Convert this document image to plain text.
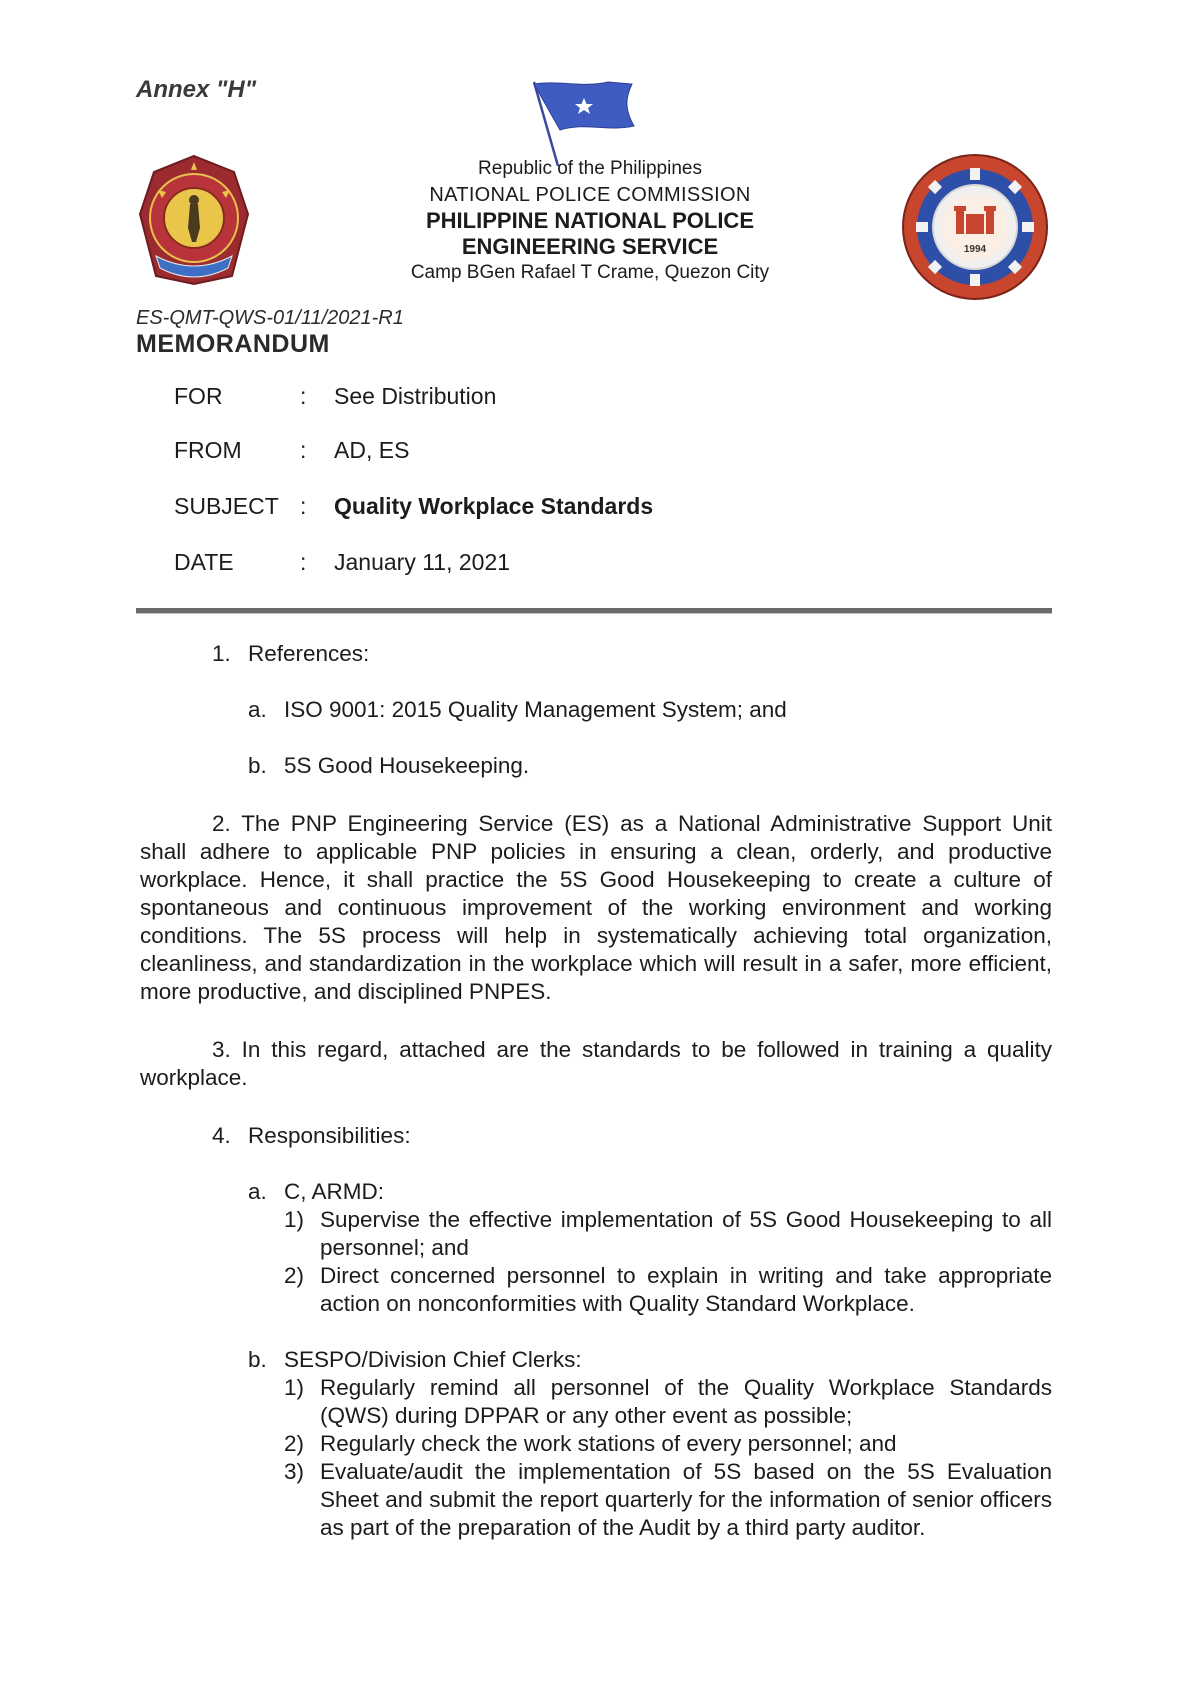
Annex "H"
Republic of the Philippines
NATIONAL POLICE COMMISSION
PHILIPPINE NATIONAL POLICE
ENGINEERING SERVICE
Camp BGen Rafael T Crame, Quezon City
1994
ES-QMT-QWS-01/11/2021-R1
MEMORANDUM
FOR	: See Distribution
FROM	: AD, ES
SUBJECT : Quality Workplace Standards
DATE	: January 11, 2021
1. References:
a. ISO 9001: 2015 Quality Management System; and
b. 5S Good Housekeeping.
2. The PNP Engineering Service (ES) as a National Administrative Support Unit shall adhere to applicable PNP policies in ensuring a clean, orderly, and productive workplace. Hence, it shall practice the 5S Good Housekeeping to create a culture of spontaneous and continuous improvement of the working environment and working conditions. The 5S process will help in systematically achieving total organization, cleanliness, and standardization in the workplace which will result in a safer, more efficient, more productive, and disciplined PNPES.
3. In this regard, attached are the standards to be followed in training a quality workplace.
4. Responsibilities:
a. C, ARMD:
1) Supervise the effective implementation of 5S Good Housekeeping to all personnel; and
2) Direct concerned personnel to explain in writing and take appropriate action on nonconformities with Quality Standard Workplace.
b. SESPO/Division Chief Clerks:
1) Regularly remind all personnel of the Quality Workplace Standards (QWS) during DPPAR or any other event as possible;
2) Regularly check the work stations of every personnel; and
3) Evaluate/audit the implementation of 5S based on the 5S Evaluation Sheet and submit the report quarterly for the information of senior officers as part of the preparation of the Audit by a third party auditor.
